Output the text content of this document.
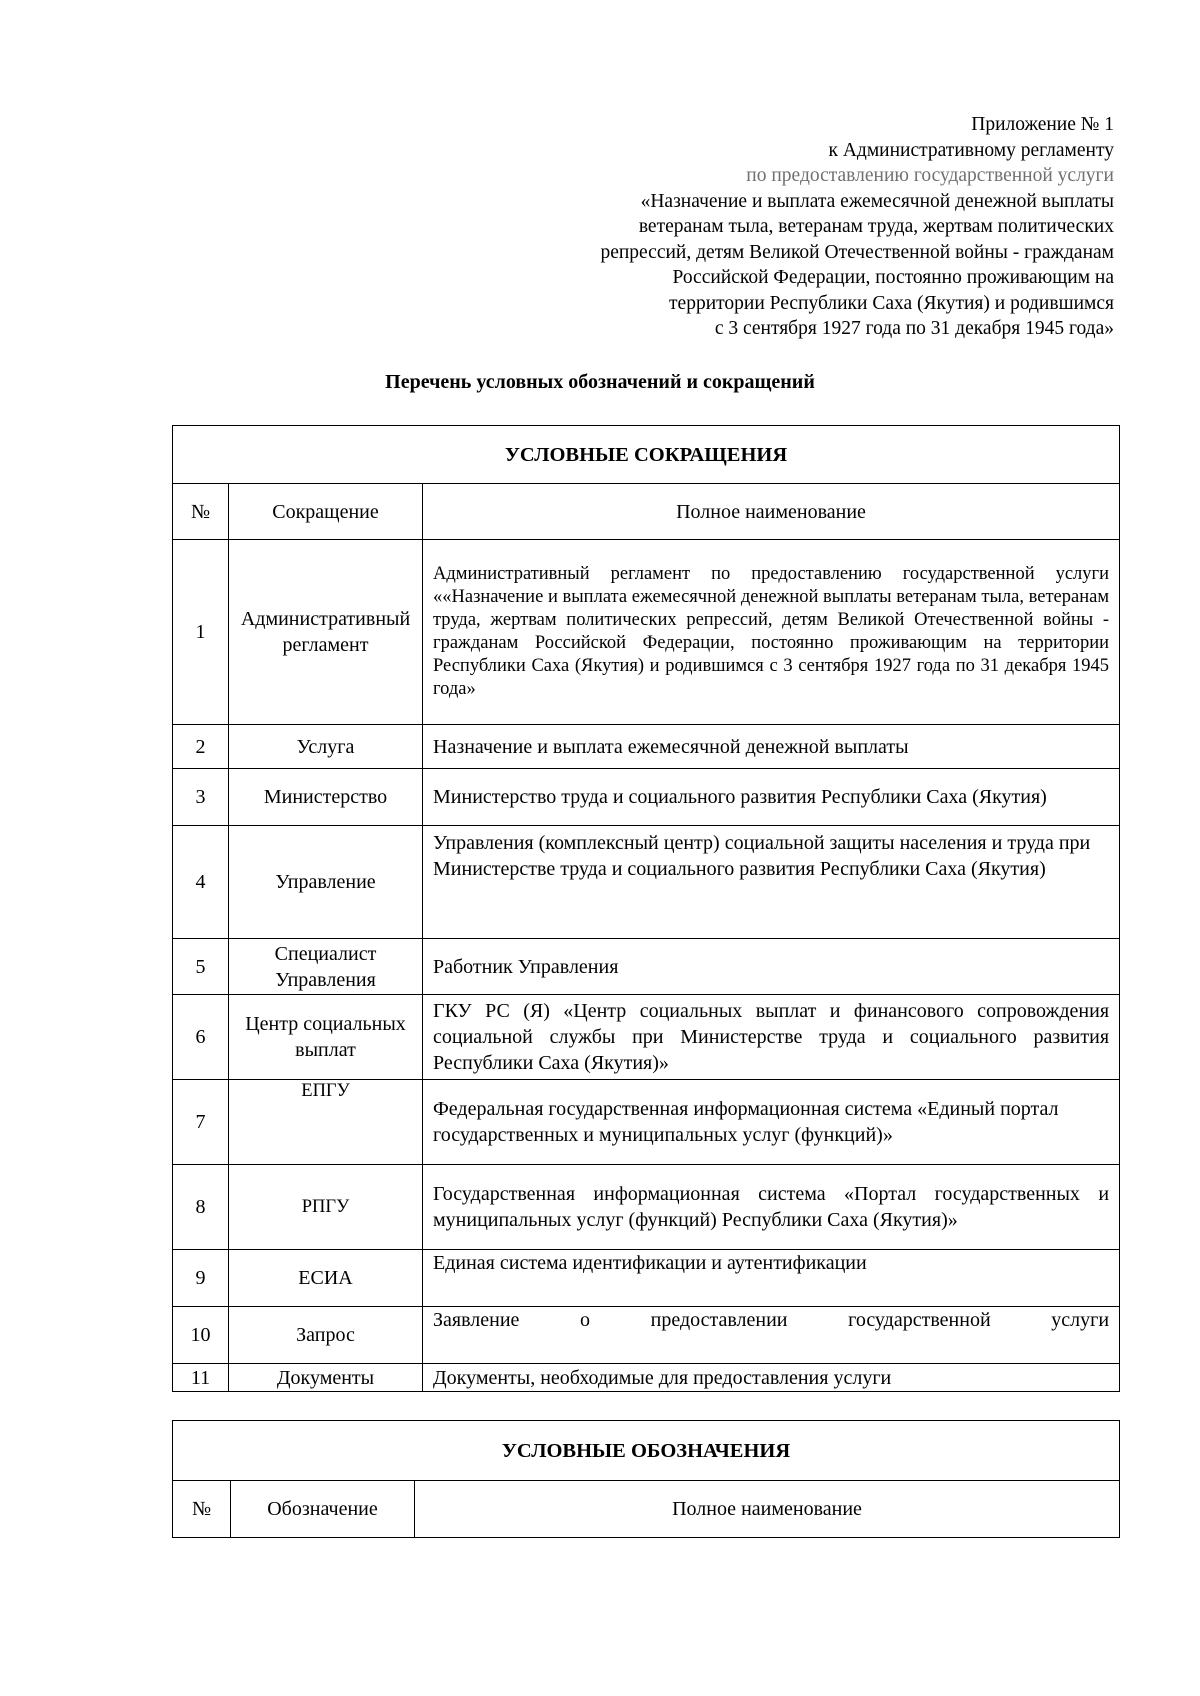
Приложение № 1
к Административному регламенту
по предоставлению государственной услуги
«Назначение и выплата ежемесячной денежной выплаты
ветеранам тыла, ветеранам труда, жертвам политических
репрессий, детям Великой Отечественной войны - гражданам
Российской Федерации, постоянно проживающим на
территории Республики Саха (Якутия) и родившимся
с 3 сентября 1927 года по 31 декабря 1945 года»
Перечень условных обозначений и сокращений
УСЛОВНЫЕ СОКРАЩЕНИЯ		
№	Сокращение	Полное наименование
1	Административный регламент	Административный регламент по предоставлению государственной услуги ««Назначение и выплата ежемесячной денежной выплаты ветеранам тыла, ветеранам труда, жертвам политических репрессий, детям Великой Отечественной войны - гражданам Российской Федерации, постоянно проживающим на территории Республики Саха (Якутия) и родившимся с 3 сентября 1927 года по 31 декабря 1945 года»
2	Услуга	Назначение и выплата ежемесячной денежной выплаты
3	Министерство	Министерство труда и социального развития Республики Саха (Якутия)
4	Управление	Управления (комплексный центр) социальной защиты населения и труда при Министерстве труда и социального развития Республики Саха (Якутия)
5	Специалист Управления	Работник Управления
6	Центр социальных выплат	ГКУ РС (Я) «Центр социальных выплат и финансового сопровождения социальной службы при Министерстве труда и социального развития Республики Саха (Якутия)»
7	ЕПГУ	Федеральная государственная информационная система «Единый портал государственных и муниципальных услуг (функций)»
8	РПГУ	Государственная информационная система «Портал государственных и муниципальных услуг (функций) Республики Саха (Якутия)»
9	ЕСИА	Единая система идентификации и аутентификации
10	Запрос	Заявление о предоставлении государственной услуги
11	Документы	Документы, необходимые для предоставления услуги
УСЛОВНЫЕ ОБОЗНАЧЕНИЯ
№	Обозначение	Полное наименование
